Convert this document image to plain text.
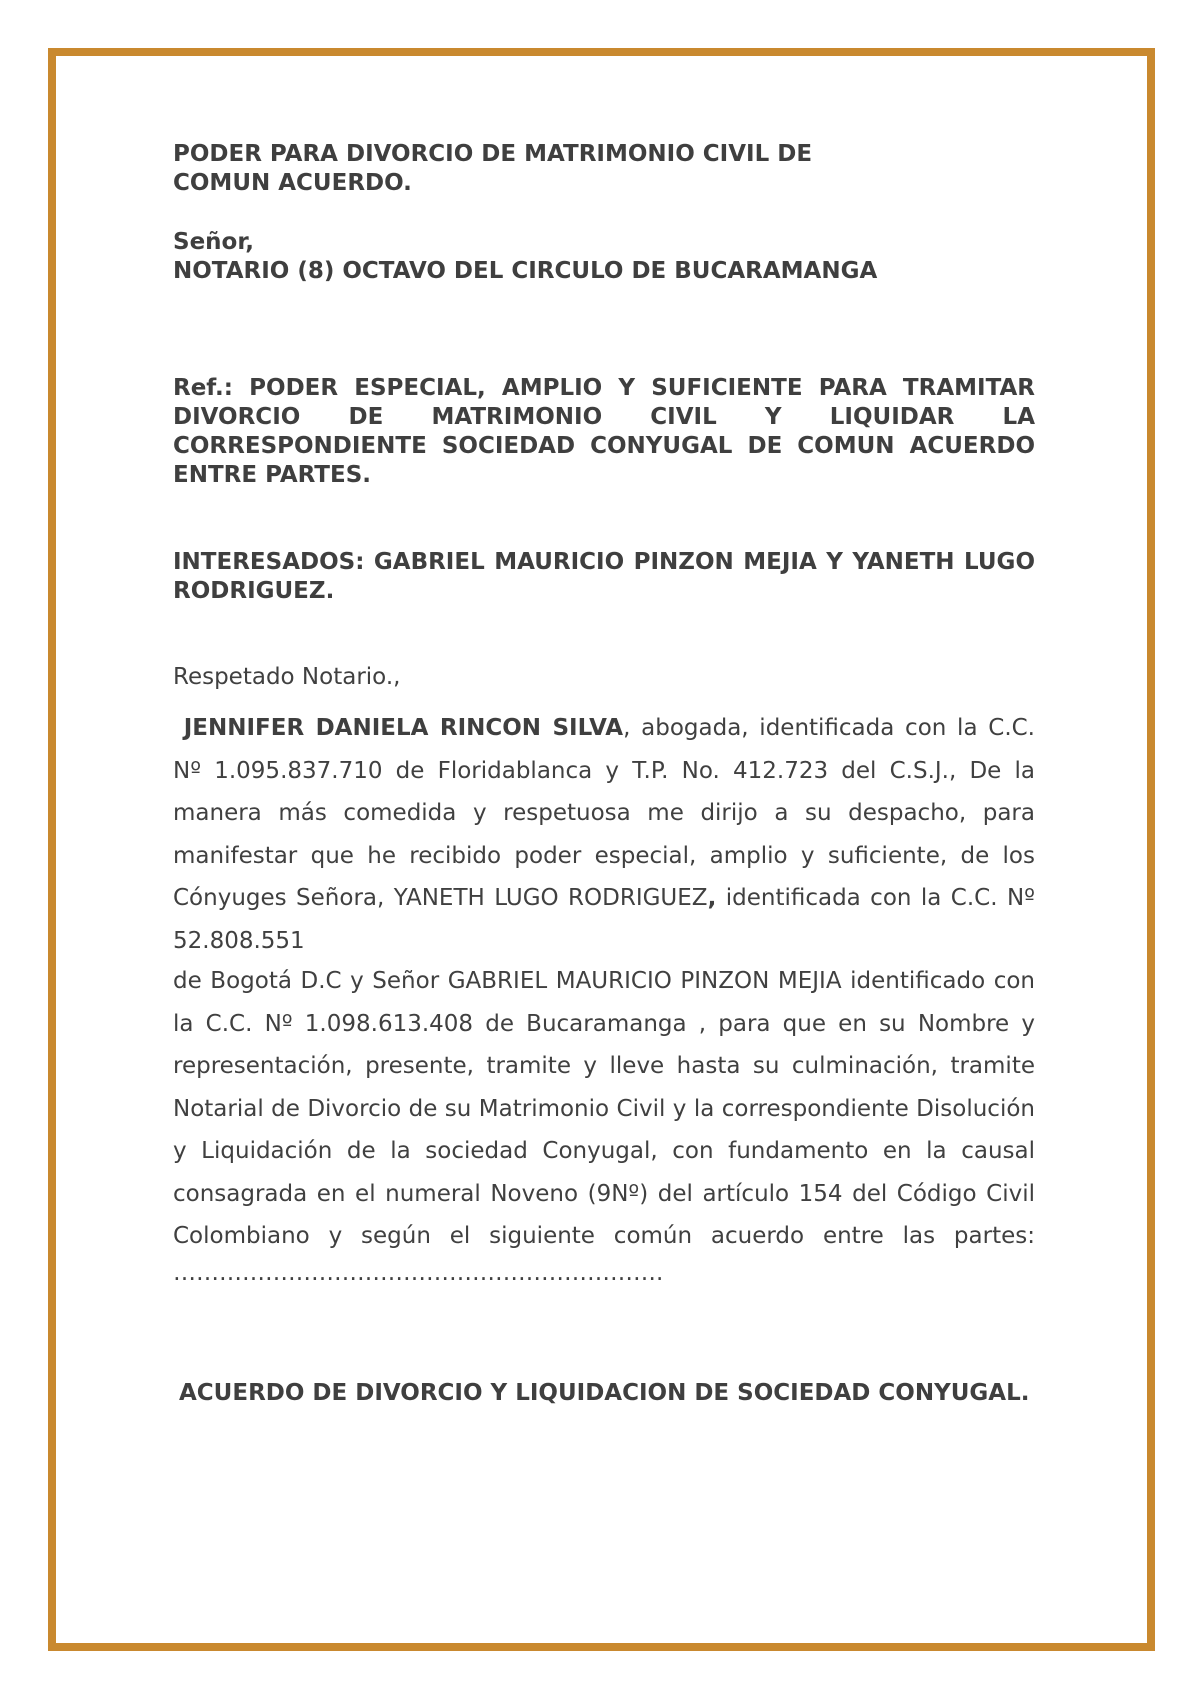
PODER PARA DIVORCIO DE MATRIMONIO CIVIL DE COMUN ACUERDO.

Señor,

NOTARIO (8) OCTAVO DEL CIRCULO DE BUCARAMANGA

Ref.: PODER ESPECIAL, AMPLIO Y SUFICIENTE PARA TRAMITAR DIVORCIO DE MATRIMONIO CIVIL Y LIQUIDAR LA CORRESPONDIENTE SOCIEDAD CONYUGAL DE COMUN ACUERDO ENTRE PARTES.

INTERESADOS: GABRIEL MAURICIO PINZON MEJIA Y YANETH LUGO RODRIGUEZ.

Respetado Notario.,

JENNIFER DANIELA RINCON SILVA, abogada, identificada con la C.C. Nº 1.095.837.710 de Floridablanca y T.P. No. 412.723 del C.S.J., De la manera más comedida y respetuosa me dirijo a su despacho, para manifestar que he recibido poder especial, amplio y suficiente, de los Cónyuges Señora, YANETH LUGO RODRIGUEZ, identificada con la C.C. Nº 52.808.551

de Bogotá D.C y Señor GABRIEL MAURICIO PINZON MEJIA identificado con la C.C. Nº 1.098.613.408 de Bucaramanga , para que en su Nombre y representación, presente, tramite y lleve hasta su culminación, tramite Notarial de Divorcio de su Matrimonio Civil y la correspondiente Disolución y Liquidación de la sociedad Conyugal, con fundamento en la causal consagrada en el numeral Noveno (9Nº) del artículo 154 del Código Civil Colombiano y según el siguiente común acuerdo entre las partes:

……………………………………………………….

ACUERDO DE DIVORCIO Y LIQUIDACION DE SOCIEDAD CONYUGAL.
